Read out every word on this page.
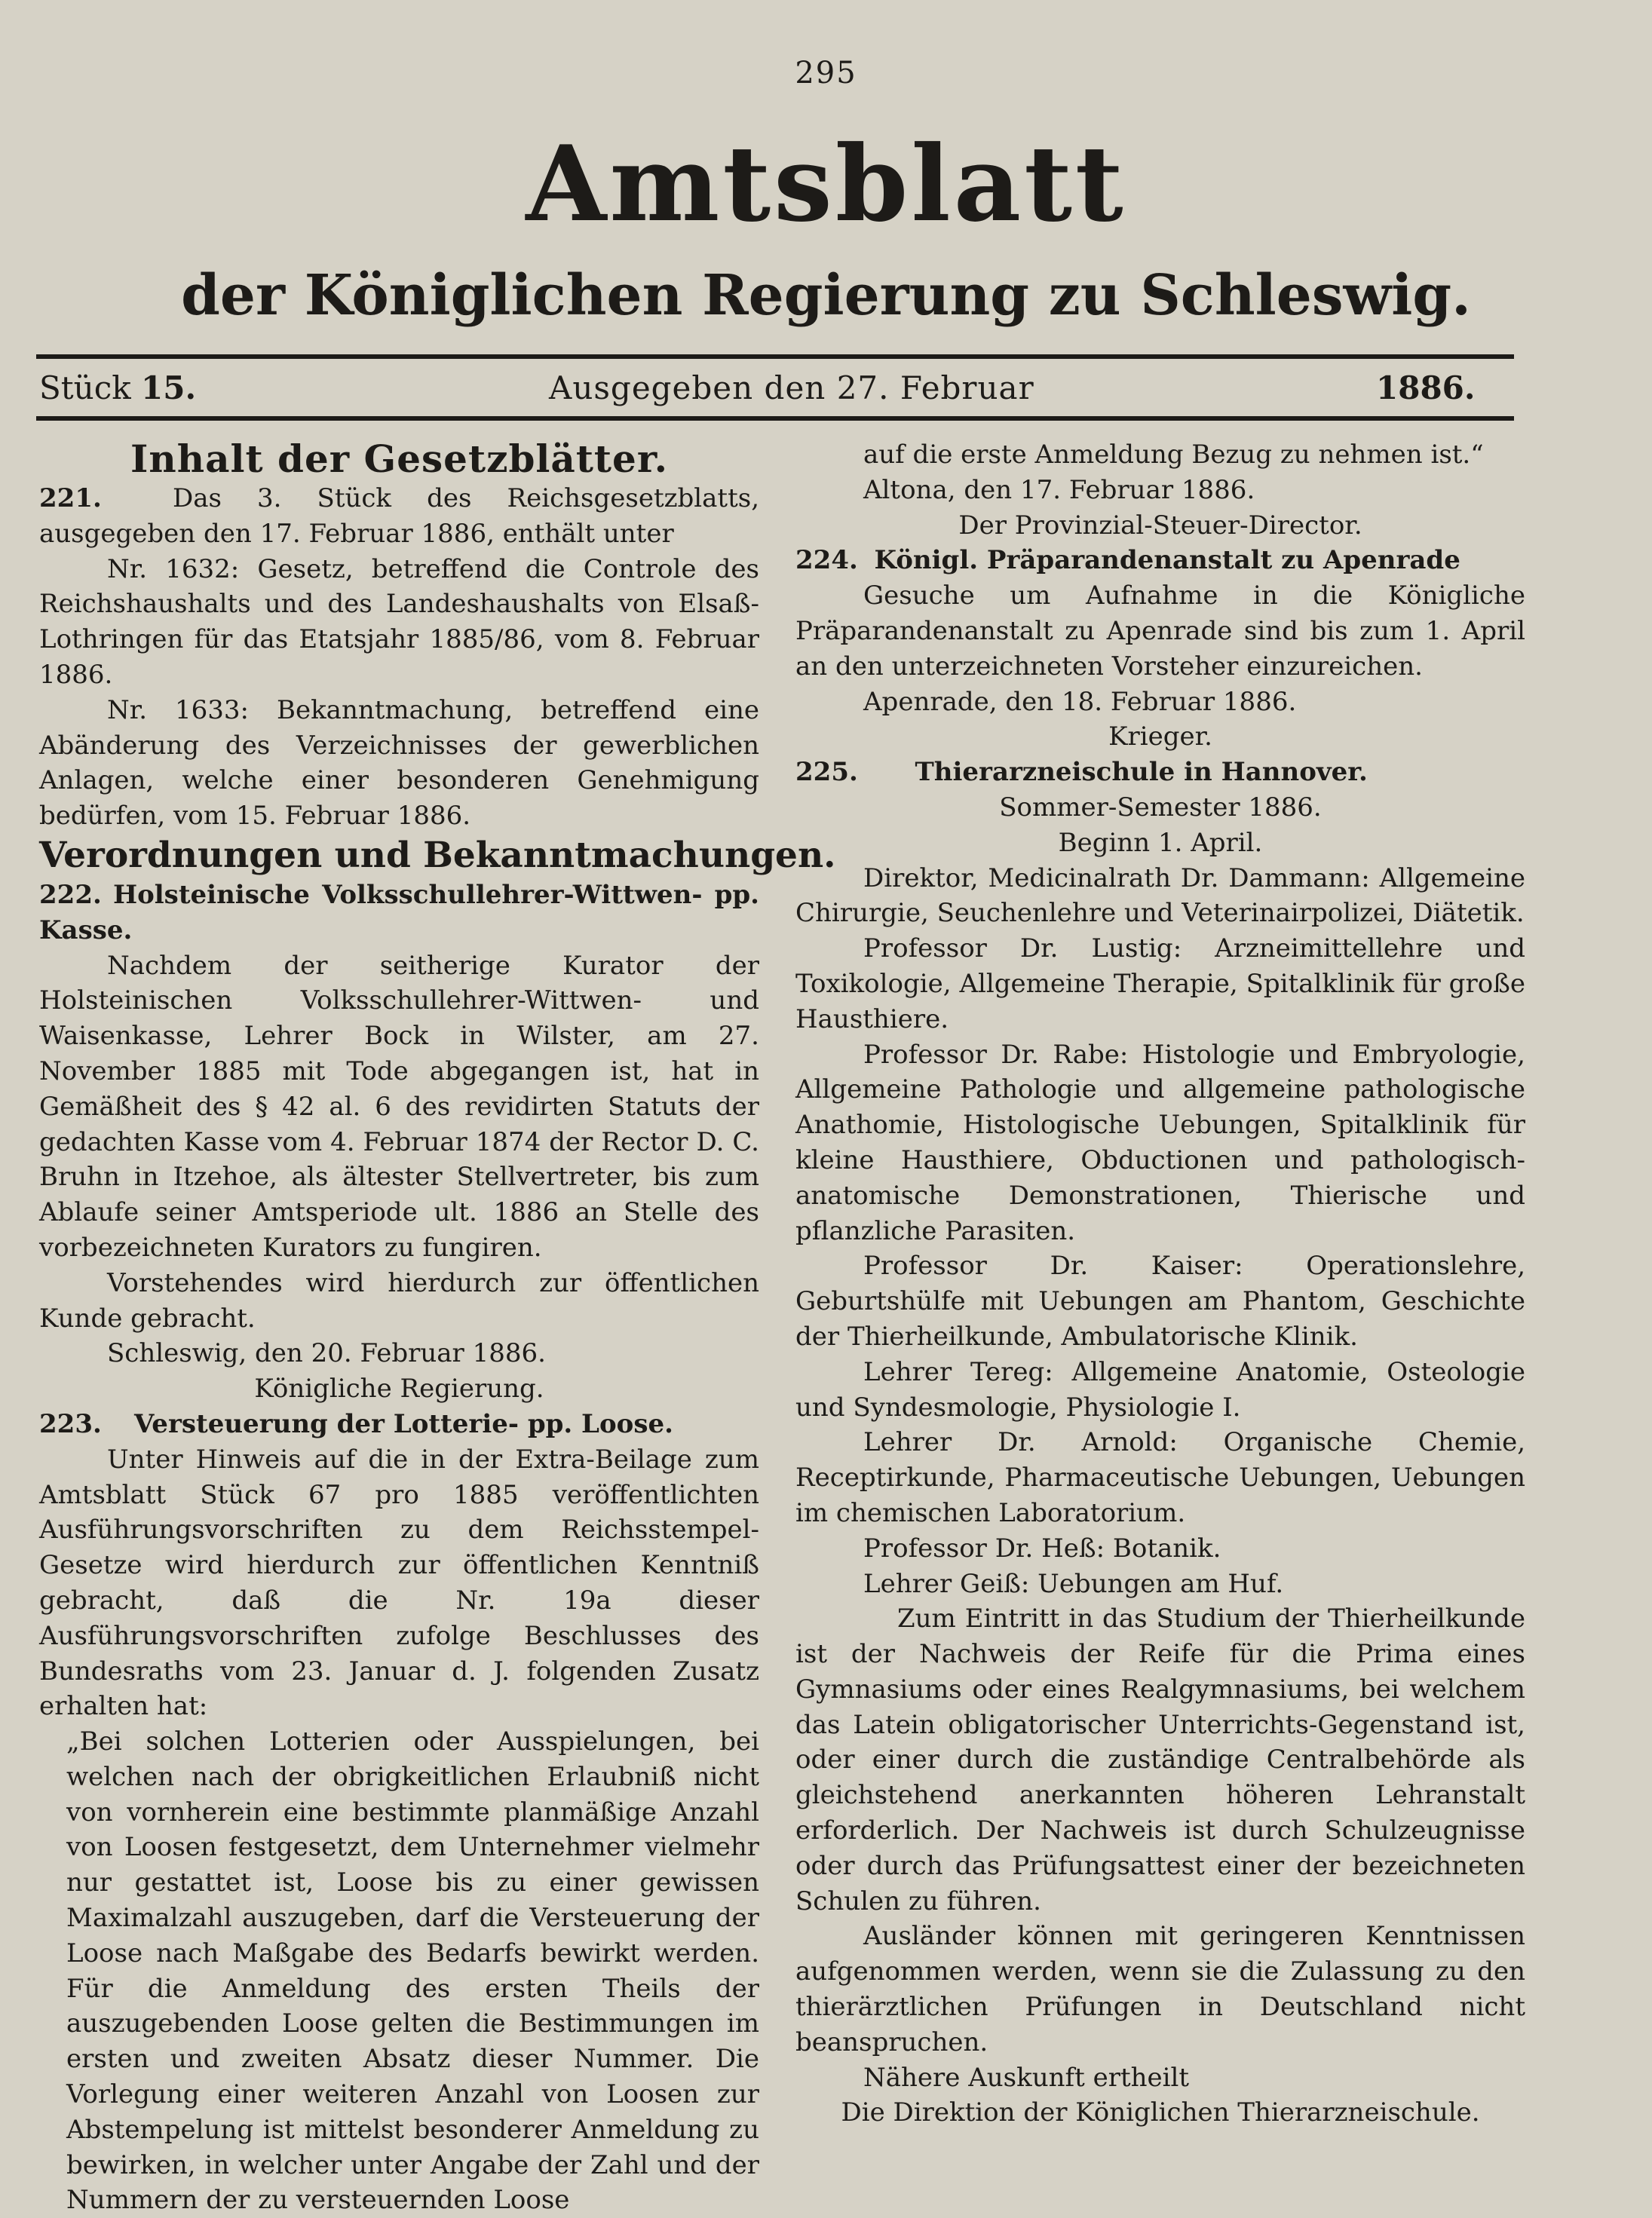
295
Amtsblatt
der Königlichen Regierung zu Schleswig.
Stück 15.	Ausgegeben den 27. Februar	1886.

Inhalt der Gesetzblätter.

221.	Das 3. Stück des Reichsgesetzblatts, ausgegeben den 17. Februar 1886, enthält unter

Nr. 1632: Gesetz, betreffend die Controle des Reichshaushalts und des Landeshaushalts von Elsaß-Lothringen für das Etatsjahr 1885/86, vom 8. Februar 1886.

Nr. 1633: Bekanntmachung, betreffend eine Abänderung des Verzeichnisses der gewerblichen Anlagen, welche einer besonderen Genehmigung bedürfen, vom 15. Februar 1886.

Verordnungen und Bekanntmachungen.

222. Holsteinische Volksschullehrer-Wittwen- pp. Kasse.

Nachdem der seitherige Kurator der Holsteinischen Volksschullehrer-Wittwen- und Waisenkasse, Lehrer Bock in Wilster, am 27. November 1885 mit Tode abgegangen ist, hat in Gemäßheit des § 42 al. 6 des revidirten Statuts der gedachten Kasse vom 4. Februar 1874 der Rector D. C. Bruhn in Itzehoe, als ältester Stellvertreter, bis zum Ablaufe seiner Amtsperiode ult. 1886 an Stelle des vorbezeichneten Kurators zu fungiren.

Vorstehendes wird hierdurch zur öffentlichen Kunde gebracht.

Schleswig, den 20. Februar 1886.

Königliche Regierung.

223. Versteuerung der Lotterie- pp. Loose.

Unter Hinweis auf die in der Extra-Beilage zum Amtsblatt Stück 67 pro 1885 veröffentlichten Ausführungsvorschriften zu dem Reichsstempel-Gesetze wird hierdurch zur öffentlichen Kenntniß gebracht, daß die Nr. 19a dieser Ausführungsvorschriften zufolge Beschlusses des Bundesraths vom 23. Januar d. J. folgenden Zusatz erhalten hat:

„Bei solchen Lotterien oder Ausspielungen, bei welchen nach der obrigkeitlichen Erlaubniß nicht von vornherein eine bestimmte planmäßige Anzahl von Loosen festgesetzt, dem Unternehmer vielmehr nur gestattet ist, Loose bis zu einer gewissen Maximalzahl auszugeben, darf die Versteuerung der Loose nach Maßgabe des Bedarfs bewirkt werden. Für die Anmeldung des ersten Theils der auszugebenden Loose gelten die Bestimmungen im ersten und zweiten Absatz dieser Nummer. Die Vorlegung einer weiteren Anzahl von Loosen zur Abstempelung ist mittelst besonderer Anmeldung zu bewirken, in welcher unter Angabe der Zahl und der Nummern der zu versteuernden Loose

auf die erste Anmeldung Bezug zu nehmen ist.“

Altona, den 17. Februar 1886.

Der Provinzial-Steuer-Director.

224. Königl. Präparandenanstalt zu Apenrade

Gesuche um Aufnahme in die Königliche Präparandenanstalt zu Apenrade sind bis zum 1. April an den unterzeichneten Vorsteher einzureichen.

Apenrade, den 18. Februar 1886.

Krieger.

225. Thierarzneischule in Hannover.

Sommer-Semester 1886.

Beginn 1. April.

Direktor, Medicinalrath Dr. Dammann: Allgemeine Chirurgie, Seuchenlehre und Veterinairpolizei, Diätetik.

Professor Dr. Lustig: Arzneimittellehre und Toxikologie, Allgemeine Therapie, Spitalklinik für große Hausthiere.

Professor Dr. Rabe: Histologie und Embryologie, Allgemeine Pathologie und allgemeine pathologische Anathomie, Histologische Uebungen, Spitalklinik für kleine Hausthiere, Obductionen und pathologisch-anatomische Demonstrationen, Thierische und pflanzliche Parasiten.

Professor Dr. Kaiser: Operationslehre, Geburtshülfe mit Uebungen am Phantom, Geschichte der Thierheilkunde, Ambulatorische Klinik.

Lehrer Tereg: Allgemeine Anatomie, Osteologie und Syndesmologie, Physiologie I.

Lehrer Dr. Arnold: Organische Chemie, Receptirkunde, Pharmaceutische Uebungen, Uebungen im chemischen Laboratorium.

Professor Dr. Heß: Botanik.

Lehrer Geiß: Uebungen am Huf.

Zum Eintritt in das Studium der Thierheilkunde ist der Nachweis der Reife für die Prima eines Gymnasiums oder eines Realgymnasiums, bei welchem das Latein obligatorischer Unterrichts-Gegenstand ist, oder einer durch die zuständige Centralbehörde als gleichstehend anerkannten höheren Lehranstalt erforderlich. Der Nachweis ist durch Schulzeugnisse oder durch das Prüfungsattest einer der bezeichneten Schulen zu führen.

Ausländer können mit geringeren Kenntnissen aufgenommen werden, wenn sie die Zulassung zu den thierärztlichen Prüfungen in Deutschland nicht beanspruchen.

Nähere Auskunft ertheilt

Die Direktion der Königlichen Thierarzneischule.
